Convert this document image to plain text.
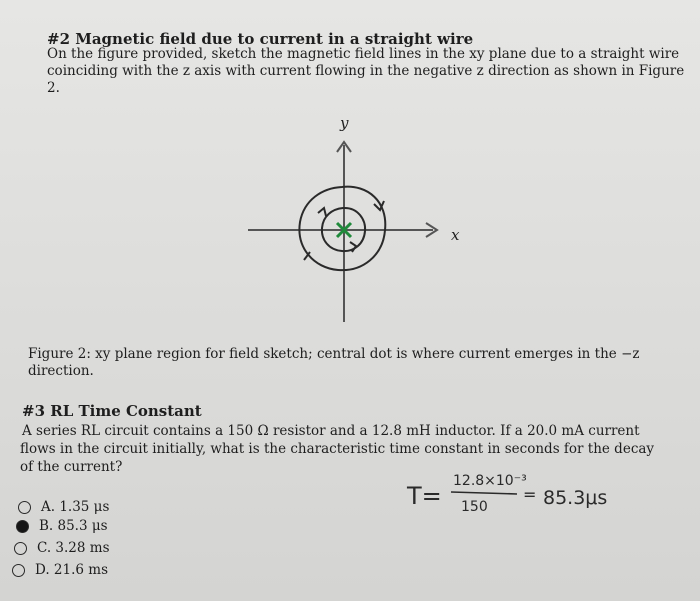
#2 Magnetic field due to current in a straight wire
On the figure provided, sketch the magnetic field lines in the xy plane due to a straight wire
coinciding with the z axis with current flowing in the negative z direction as shown in Figure
2.
y
x
Figure 2: xy plane region for field sketch; central dot is where current emerges in the −z
direction.
#3 RL Time Constant
A series RL circuit contains a 150 Ω resistor and a 12.8 mH inductor. If a 20.0 mA current
flows in the circuit initially, what is the characteristic time constant in seconds for the decay
of the current?
A. 1.35 μs
B. 85.3 μs
C. 3.28 ms
D. 21.6 ms
T=
12.8×10⁻³
150
= 85.3μs
